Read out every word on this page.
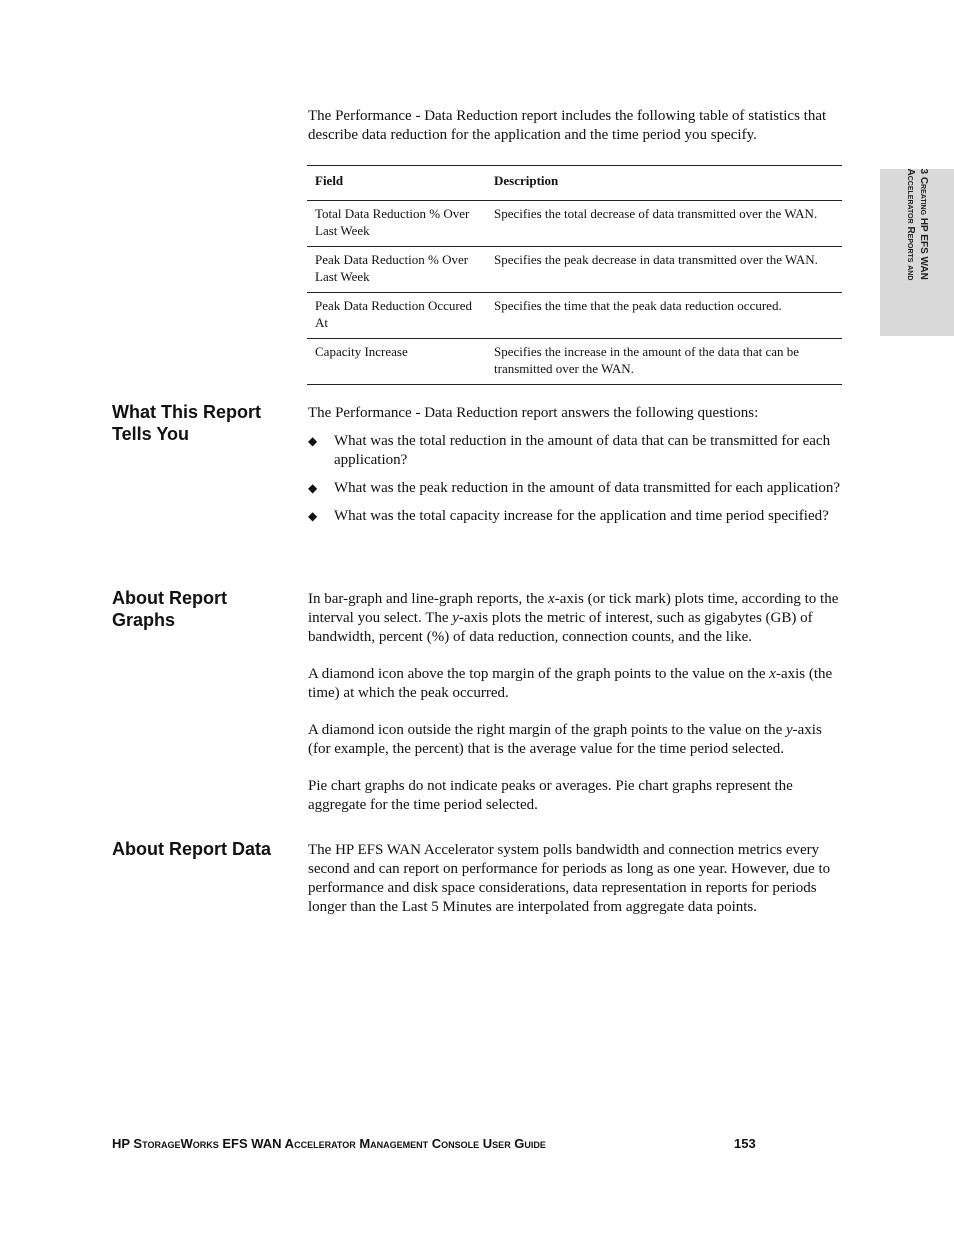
3 Creating HP EFS WAN
Accelerator Reports and

The Performance - Data Reduction report includes the following table of statistics that describe data reduction for the application and the time period you specify.

Field	Description
Total Data Reduction % Over Last Week	Specifies the total decrease of data transmitted over the WAN.
Peak Data Reduction % Over Last Week	Specifies the peak decrease in data transmitted over the WAN.
Peak Data Reduction Occured At	Specifies the time that the peak data reduction occured.
Capacity Increase	Specifies the increase in the amount of the data that can be transmitted over the WAN.
What This Report Tells You

The Performance - Data Reduction report answers the following questions:

◆ What was the total reduction in the amount of data that can be transmitted for each application?
◆ What was the peak reduction in the amount of data transmitted for each application?
◆ What was the total capacity increase for the application and time period specified?
About Report Graphs

In bar-graph and line-graph reports, the x-axis (or tick mark) plots time, according to the interval you select. The y-axis plots the metric of interest, such as gigabytes (GB) of bandwidth, percent (%) of data reduction, connection counts, and the like.

A diamond icon above the top margin of the graph points to the value on the x-axis (the time) at which the peak occurred.

A diamond icon outside the right margin of the graph points to the value on the y-axis (for example, the percent) that is the average value for the time period selected.

Pie chart graphs do not indicate peaks or averages. Pie chart graphs represent the aggregate for the time period selected.

About Report Data	The HP EFS WAN Accelerator system polls bandwidth and connection metrics every second and can report on performance for periods as long as one year. However, due to performance and disk space considerations, data representation in reports for periods longer than the Last 5 Minutes are interpolated from aggregate data points.

HP StorageWorks EFS WAN Accelerator Management Console User Guide	153
